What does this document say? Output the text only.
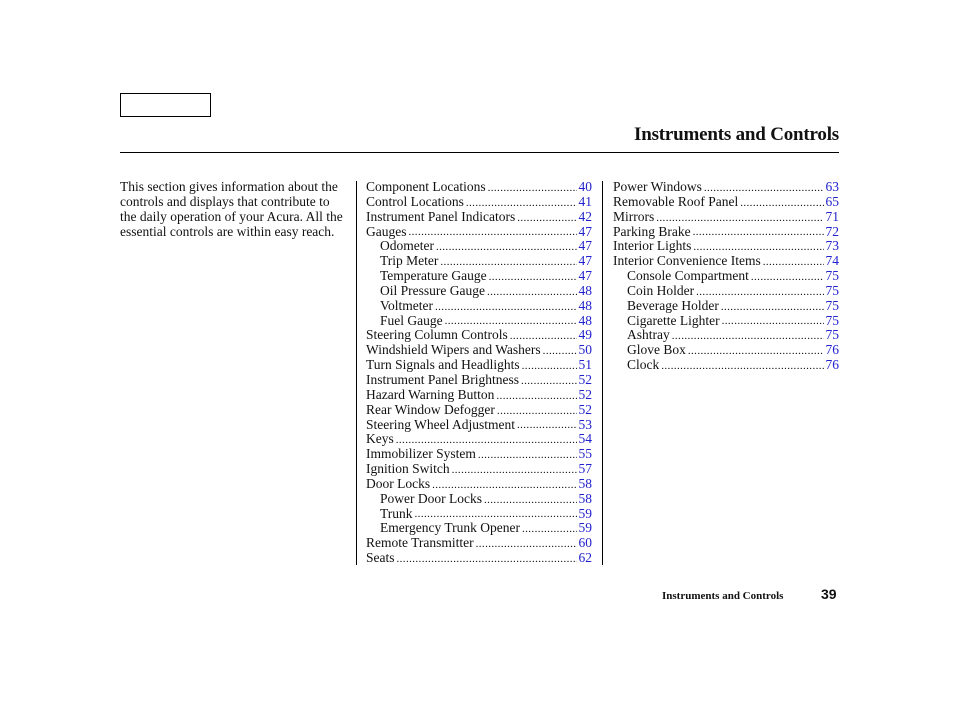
Instruments and Controls
This section gives information about the controls and displays that contribute to the daily operation of your Acura. All the essential controls are within easy reach.
Component Locations .....	40
Control Locations .....	41
Instrument Panel Indicators .....	42
Gauges .....	47
Odometer .....	47
Trip Meter .....	47
Temperature Gauge .....	47
Oil Pressure Gauge .....	48
Voltmeter .....	48
Fuel Gauge .....	48
Steering Column Controls .....	49
Windshield Wipers and Washers .....	50
Turn Signals and Headlights .....	51
Instrument Panel Brightness .....	52
Hazard Warning Button .....	52
Rear Window Defogger .....	52
Steering Wheel Adjustment .....	53
Keys .....	54
Immobilizer System .....	55
Ignition Switch .....	57
Door Locks .....	58
Power Door Locks .....	58
Trunk .....	59
Emergency Trunk Opener .....	59
Remote Transmitter .....	60
Seats .....	62
Power Windows .....	63
Removable Roof Panel .....	65
Mirrors .....	71
Parking Brake .....	72
Interior Lights .....	73
Interior Convenience Items .....	74
Console Compartment .....	75
Coin Holder .....	75
Beverage Holder .....	75
Cigarette Lighter .....	75
Ashtray .....	75
Glove Box .....	76
Clock .....	76
Instruments and Controls	39
